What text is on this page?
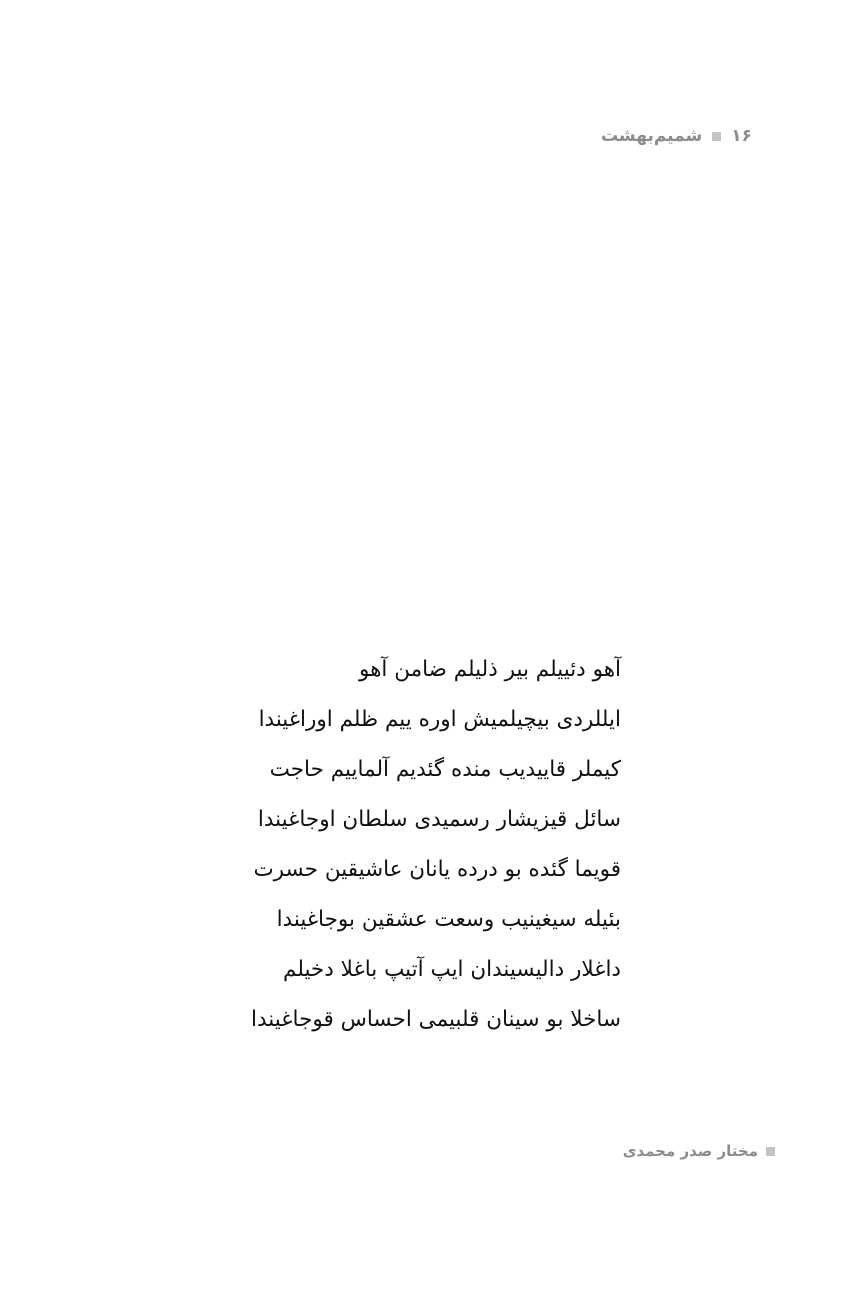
۱۶
شمیم‌بهشت
آهو دئییلم بیر ذلیلم ضامن آهو
ایللردی بیچیلمیش اوره ییم ظلم اوراغیندا
کیملر قاییدیب منده گئدیم آلماییم حاجت
سائل قیزیشار رسمیدی سلطان اوجاغیندا
قویما گئده بو درده یانان عاشیقین حسرت
بئیله سیغینیب وسعت عشقین بوجاغیندا
داغلار دالیسیندان ایپ آتیپ باغلا دخیلم
ساخلا بو سینان قلبیمی احساس قوجاغیندا
مختار صدر محمدی
